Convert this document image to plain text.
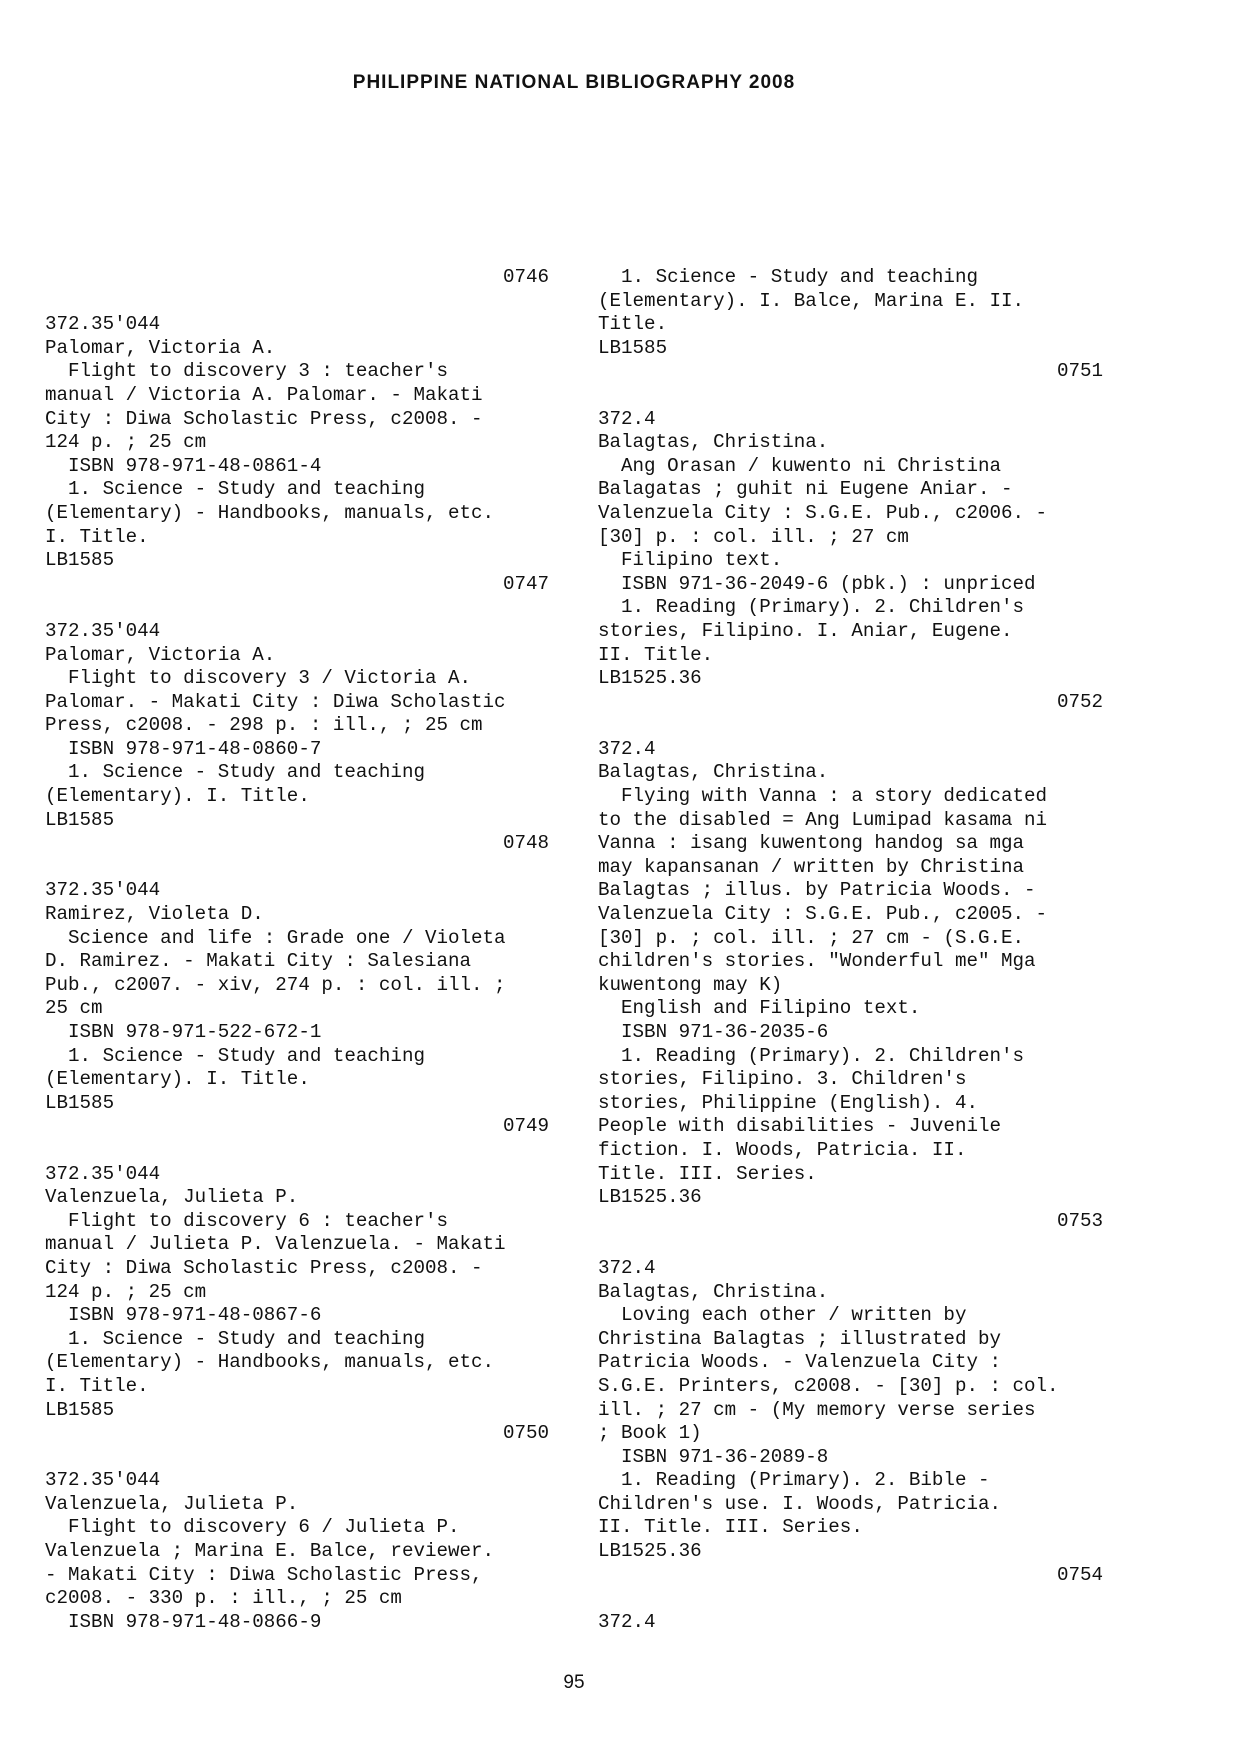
PHILIPPINE NATIONAL BIBLIOGRAPHY 2008
0746
372.35'044
Palomar, Victoria A.
Flight to discovery 3 : teacher's
manual / Victoria A. Palomar. - Makati
City : Diwa Scholastic Press, c2008. -
124 p. ; 25 cm
ISBN 978-971-48-0861-4
1. Science - Study and teaching
(Elementary) - Handbooks, manuals, etc.
I. Title.
LB1585
0747
372.35'044
Palomar, Victoria A.
Flight to discovery 3 / Victoria A.
Palomar. - Makati City : Diwa Scholastic
Press, c2008. - 298 p. : ill., ; 25 cm
ISBN 978-971-48-0860-7
1. Science - Study and teaching
(Elementary). I. Title.
LB1585
0748
372.35'044
Ramirez, Violeta D.
Science and life : Grade one / Violeta
D. Ramirez. - Makati City : Salesiana
Pub., c2007. - xiv, 274 p. : col. ill. ;
25 cm
ISBN 978-971-522-672-1
1. Science - Study and teaching
(Elementary). I. Title.
LB1585
0749
372.35'044
Valenzuela, Julieta P.
Flight to discovery 6 : teacher's
manual / Julieta P. Valenzuela. - Makati
City : Diwa Scholastic Press, c2008. -
124 p. ; 25 cm
ISBN 978-971-48-0867-6
1. Science - Study and teaching
(Elementary) - Handbooks, manuals, etc.
I. Title.
LB1585
0750
372.35'044
Valenzuela, Julieta P.
Flight to discovery 6 / Julieta P.
Valenzuela ; Marina E. Balce, reviewer.
- Makati City : Diwa Scholastic Press,
c2008. - 330 p. : ill., ; 25 cm
ISBN 978-971-48-0866-9
1. Science - Study and teaching
(Elementary). I. Balce, Marina E. II.
Title.
LB1585
0751
372.4
Balagtas, Christina.
Ang Orasan / kuwento ni Christina
Balagatas ; guhit ni Eugene Aniar. -
Valenzuela City : S.G.E. Pub., c2006. -
[30] p. : col. ill. ; 27 cm
Filipino text.
ISBN 971-36-2049-6 (pbk.) : unpriced
1. Reading (Primary). 2. Children's
stories, Filipino. I. Aniar, Eugene.
II. Title.
LB1525.36
0752
372.4
Balagtas, Christina.
Flying with Vanna : a story dedicated
to the disabled = Ang Lumipad kasama ni
Vanna : isang kuwentong handog sa mga
may kapansanan / written by Christina
Balagtas ; illus. by Patricia Woods. -
Valenzuela City : S.G.E. Pub., c2005. -
[30] p. ; col. ill. ; 27 cm - (S.G.E.
children's stories. "Wonderful me" Mga
kuwentong may K)
English and Filipino text.
ISBN 971-36-2035-6
1. Reading (Primary). 2. Children's
stories, Filipino. 3. Children's
stories, Philippine (English). 4.
People with disabilities - Juvenile
fiction. I. Woods, Patricia. II.
Title. III. Series.
LB1525.36
0753
372.4
Balagtas, Christina.
Loving each other / written by
Christina Balagtas ; illustrated by
Patricia Woods. - Valenzuela City :
S.G.E. Printers, c2008. - [30] p. : col.
ill. ; 27 cm - (My memory verse series
; Book 1)
ISBN 971-36-2089-8
1. Reading (Primary). 2. Bible -
Children's use. I. Woods, Patricia.
II. Title. III. Series.
LB1525.36
0754
372.4
95
